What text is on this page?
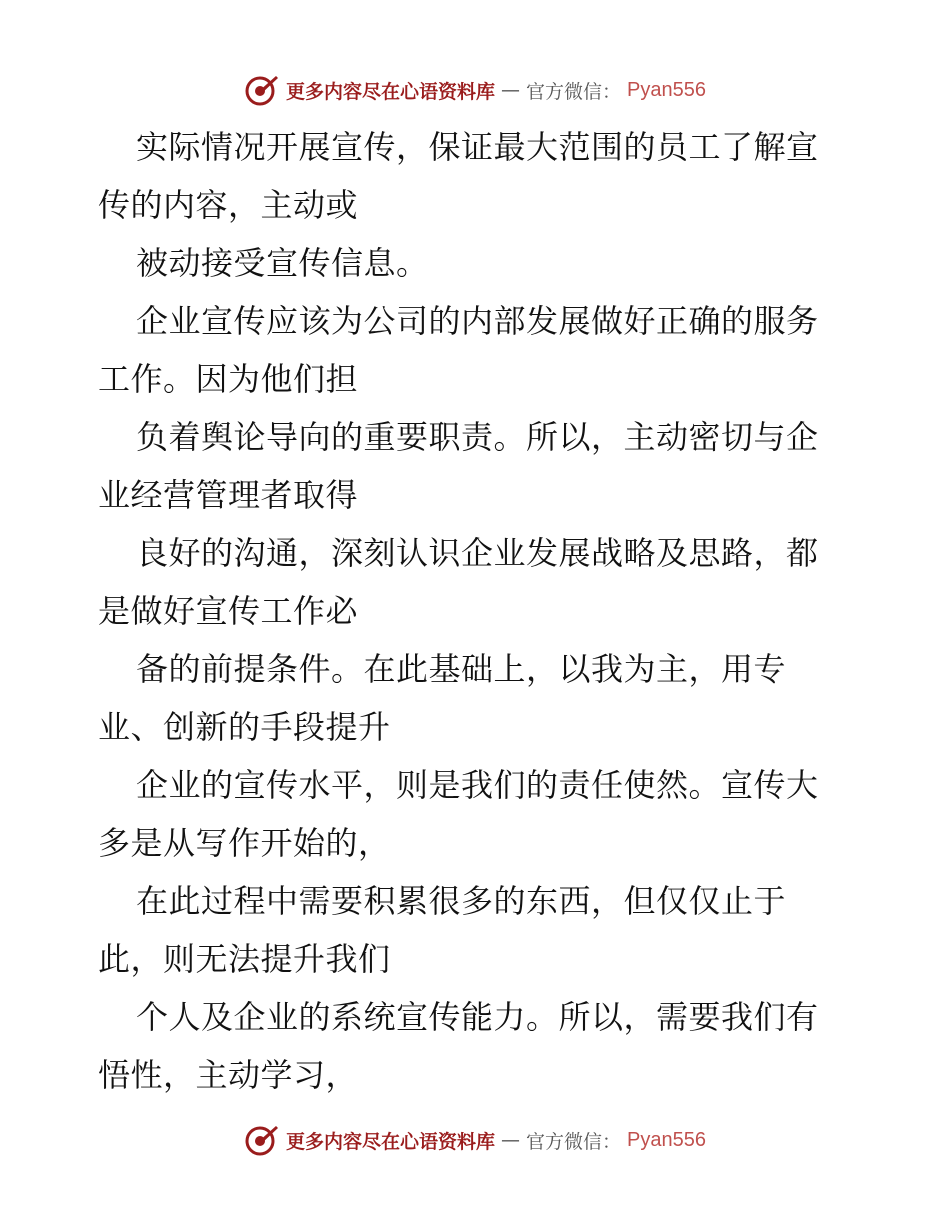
更多内容尽在心语资料库 — 官方微信： Pyan556
实际情况开展宣传，保证最大范围的员工了解宣
传的内容，主动或
被动接受宣传信息。
企业宣传应该为公司的内部发展做好正确的服务
工作。因为他们担
负着舆论导向的重要职责。所以，主动密切与企
业经营管理者取得
良好的沟通，深刻认识企业发展战略及思路，都
是做好宣传工作必
备的前提条件。在此基础上，以我为主，用专
业、创新的手段提升
企业的宣传水平，则是我们的责任使然。宣传大
多是从写作开始的，
在此过程中需要积累很多的东西，但仅仅止于
此，则无法提升我们
个人及企业的系统宣传能力。所以，需要我们有
悟性，主动学习，
更多内容尽在心语资料库 — 官方微信： Pyan556
